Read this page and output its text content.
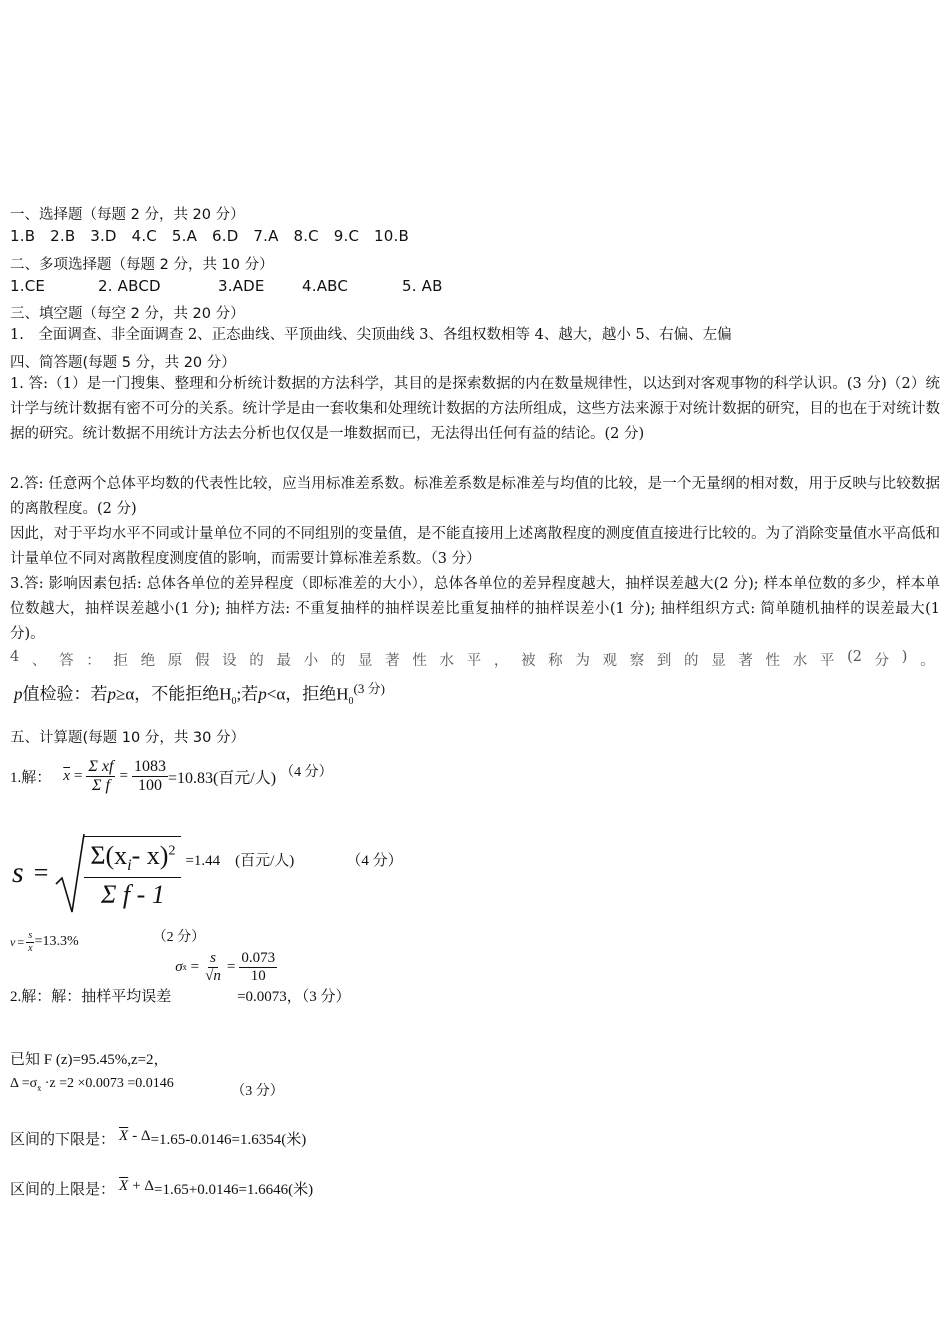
一、选择题（每题 2 分，共 20 分）
1.B 2.B 3.D 4.C 5.A 6.D 7.A 8.C 9.C 10.B
二、多项选择题（每题 2 分，共 10 分）
1.CE	2. ABCD	3.ADE 4.ABC	5. AB
三、填空题（每空 2 分，共 20 分）
1.　全面调查、非全面调查 2、正态曲线、平顶曲线、尖顶曲线 3、各组权数相等 4、越大，越小 5、右偏、左偏
四、简答题(每题 5 分，共 20 分）
1. 答:（1）是一门搜集、整理和分析统计数据的方法科学，其目的是探索数据的内在数量规律性，以达到对客观事物的科学认识。(3 分)（2）统计学与统计数据有密不可分的关系。统计学是由一套收集和处理统计数据的方法所组成，这些方法来源于对统计数据的研究，目的也在于对统计数据的研究。统计数据不用统计方法去分析也仅仅是一堆数据而已，无法得出任何有益的结论。(2 分)
2.答: 任意两个总体平均数的代表性比较，应当用标准差系数。标准差系数是标准差与均值的比较，是一个无量纲的相对数，用于反映与比较数据的离散程度。(2 分)
因此，对于平均水平不同或计量单位不同的不同组别的变量值，是不能直接用上述离散程度的测度值直接进行比较的。为了消除变量值水平高低和计量单位不同对离散程度测度值的影响，而需要计算标准差系数。（3 分）
3.答: 影响因素包括: 总体各单位的差异程度（即标准差的大小），总体各单位的差异程度越大，抽样误差越大(2 分); 样本单位数的多少，样本单位数越大，抽样误差越小(1 分); 抽样方法: 不重复抽样的抽样误差比重复抽样的抽样误差小(1 分); 抽样组织方式: 简单随机抽样的误差最大(1 分)。
4 、 答 ： 拒 绝 原 假 设 的 最 小 的 显 著 性 水 平 ， 被 称 为 观 察 到 的 显 著 性 水 平 (2 分 ) 。
p值检验：若p≥α，不能拒绝$H_0$;若p<α，拒绝$H_0^{(3 分)}$
五、计算题(每题 10 分，共 30 分）
1.解： $\overline{x} = \frac{\text{Σ xf}}{\text{Σ f}} = \frac{1083}{100} =10.83$(百元/人) （4 分）
$s = \frac{\Sigma(x_i- x)^2}{\text{Σ f - 1}} =1.44$　(百元/人)	（4 分）
$v = \frac{s}{x} =13.3\%$	（2 分）
2.解：解：抽样平均误差
σ x̄ = $\frac{s}{√n} = \frac{0.073}{10}$
=0.0073，（3 分）
已知 F (z)=95.45%,z=2，
$\Delta =\sigma_{x̄} \cdot z =2 \times 0.0073 =0.0146$ （3 分）
区间的下限是： $\overline{X} - \Delta=1.65-0.0146=1.6354$(米)
区间的上限是： $\overline{X} + \Delta=1.65+0.0146=1.6646$(米)
